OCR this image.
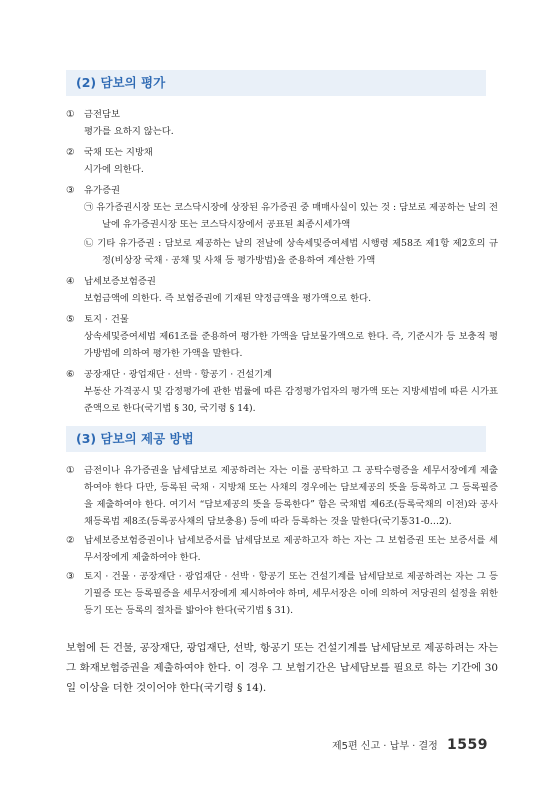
(2) 담보의 평가
① 금전담보
평가를 요하지 않는다.
② 국채 또는 지방채
시가에 의한다.
③ 유가증권
㉠ 유가증권시장 또는 코스닥시장에 상장된 유가증권 중 매매사실이 있는 것 : 담보로 제공하는 날의 전날에 유가증권시장 또는 코스닥시장에서 공표된 최종시세가액
㉡ 기타 유가증권 : 담보로 제공하는 날의 전날에 상속세및증여세법 시행령 제58조 제1항 제2호의 규정(비상장 국채 · 공채 및 사채 등 평가방법)을 준용하여 계산한 가액
④ 납세보증보험증권
보험금액에 의한다. 즉 보험증권에 기재된 약정금액을 평가액으로 한다.
⑤ 토지 · 건물
상속세및증여세법 제61조를 준용하여 평가한 가액을 담보물가액으로 한다. 즉, 기준시가 등 보충적 평가방법에 의하여 평가한 가액을 말한다.
⑥ 공장재단 · 광업재단 · 선박 · 항공기 · 건설기계
부동산 가격공시 및 감정평가에 관한 법률에 따른 감정평가업자의 평가액 또는 지방세법에 따른 시가표준액으로 한다(국기법 § 30, 국기령 § 14).
(3) 담보의 제공 방법
① 금전이나 유가증권을 납세담보로 제공하려는 자는 이를 공탁하고 그 공탁수령증을 세무서장에게 제출하여야 한다 다만, 등록된 국채 · 지방채 또는 사채의 경우에는 담보제공의 뜻을 등록하고 그 등록필증을 제출하여야 한다. 여기서 “담보제공의 뜻을 등록한다” 함은 국채법 제6조(등록국채의 이전)와 공사채등록법 제8조(등록공사채의 담보충용) 등에 따라 등록하는 것을 말한다(국기통31-0…2).
② 납세보증보험증권이나 납세보증서를 납세담보로 제공하고자 하는 자는 그 보험증권 또는 보증서를 세무서장에게 제출하여야 한다.
③ 토지 · 건물 · 공장재단 · 광업재단 · 선박 · 항공기 또는 건설기계를 납세담보로 제공하려는 자는 그 등기필증 또는 등록필증을 세무서장에게 제시하여야 하며, 세무서장은 이에 의하여 저당권의 설정을 위한 등기 또는 등록의 절차를 밟아야 한다(국기법 § 31).
보험에 든 건물, 공장재단, 광업재단, 선박, 항공기 또는 건설기계를 납세담보로 제공하려는 자는 그 화재보험증권을 제출하여야 한다. 이 경우 그 보험기간은 납세담보를 필요로 하는 기간에 30일 이상을 더한 것이어야 한다(국기령 § 14).
제5편 신고 · 납부 · 결정 1559
